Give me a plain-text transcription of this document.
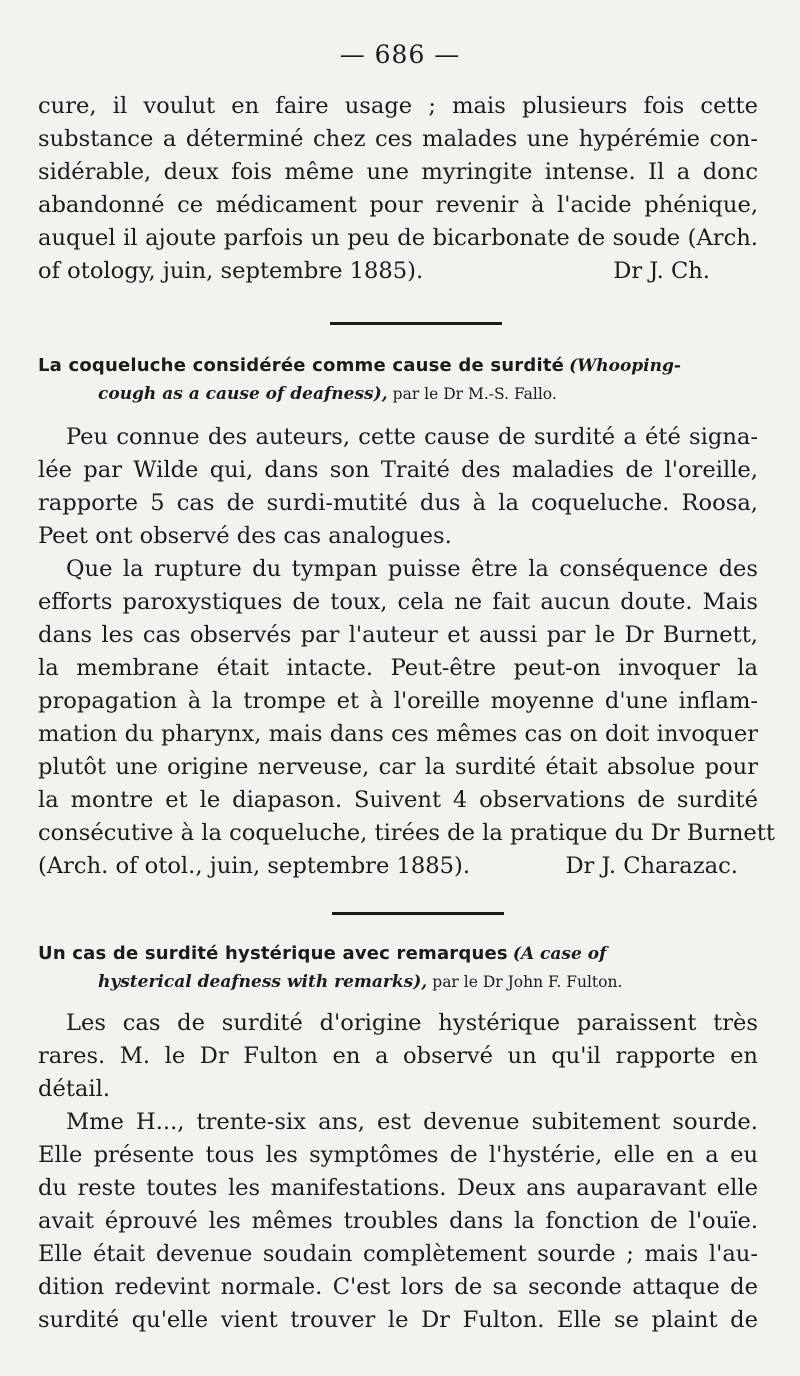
— 686 —
cure, il voulut en faire usage ; mais plusieurs fois cette
substance a déterminé chez ces malades une hypérémie con-
sidérable, deux fois même une myringite intense. Il a donc
abandonné ce médicament pour revenir à l'acide phénique,
auquel il ajoute parfois un peu de bicarbonate de soude (Arch.
of otology, juin, septembre 1885).	Dr J. Ch.
La coqueluche considérée comme cause de surdité (Whooping-
cough as a cause of deafness), par le Dr M.-S. Fallo.
Peu connue des auteurs, cette cause de surdité a été signa-
lée par Wilde qui, dans son Traité des maladies de l'oreille,
rapporte 5 cas de surdi-mutité dus à la coqueluche. Roosa,
Peet ont observé des cas analogues.
Que la rupture du tympan puisse être la conséquence des
efforts paroxystiques de toux, cela ne fait aucun doute. Mais
dans les cas observés par l'auteur et aussi par le Dr Burnett,
la membrane était intacte. Peut-être peut-on invoquer la
propagation à la trompe et à l'oreille moyenne d'une inflam-
mation du pharynx, mais dans ces mêmes cas on doit invoquer
plutôt une origine nerveuse, car la surdité était absolue pour
la montre et le diapason. Suivent 4 observations de surdité
consécutive à la coqueluche, tirées de la pratique du Dr Burnett
(Arch. of otol., juin, septembre 1885).	Dr J. Charazac.
Un cas de surdité hystérique avec remarques (A case of
hysterical deafness with remarks), par le Dr John F. Fulton.
Les cas de surdité d'origine hystérique paraissent très
rares. M. le Dr Fulton en a observé un qu'il rapporte en
détail.
Mme H..., trente-six ans, est devenue subitement sourde.
Elle présente tous les symptômes de l'hystérie, elle en a eu
du reste toutes les manifestations. Deux ans auparavant elle
avait éprouvé les mêmes troubles dans la fonction de l'ouïe.
Elle était devenue soudain complètement sourde ; mais l'au-
dition redevint normale. C'est lors de sa seconde attaque de
surdité qu'elle vient trouver le Dr Fulton. Elle se plaint de
